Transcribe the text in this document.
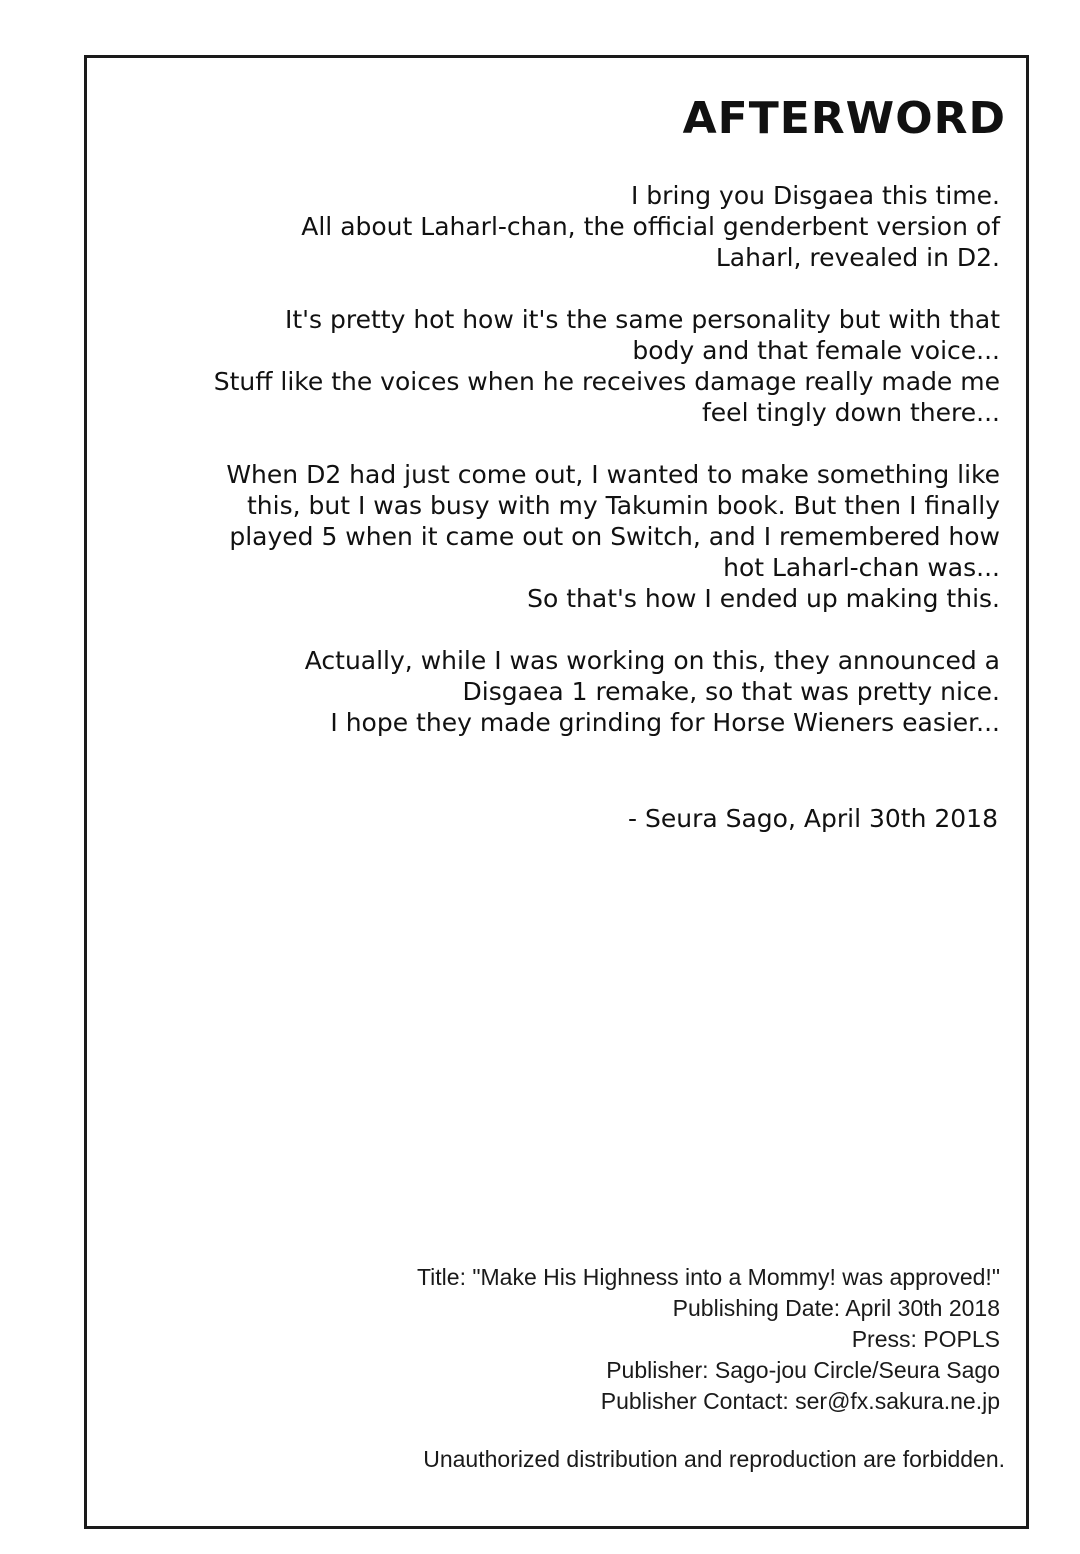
AFTERWORD

I bring you Disgaea this time.
All about Laharl-chan, the official genderbent version of
Laharl, revealed in D2.

It's pretty hot how it's the same personality but with that
body and that female voice...
Stuff like the voices when he receives damage really made me
feel tingly down there...

When D2 had just come out, I wanted to make something like
this, but I was busy with my Takumin book. But then I finally
played 5 when it came out on Switch, and I remembered how
hot Laharl-chan was...
So that's how I ended up making this.

Actually, while I was working on this, they announced a
Disgaea 1 remake, so that was pretty nice.
I hope they made grinding for Horse Wieners easier...

- Seura Sago, April 30th 2018
Title: "Make His Highness into a Mommy! was approved!"
Publishing Date: April 30th 2018
Press: POPLS
Publisher: Sago-jou Circle/Seura Sago
Publisher Contact: ser@fx.sakura.ne.jp
Unauthorized distribution and reproduction are forbidden.
